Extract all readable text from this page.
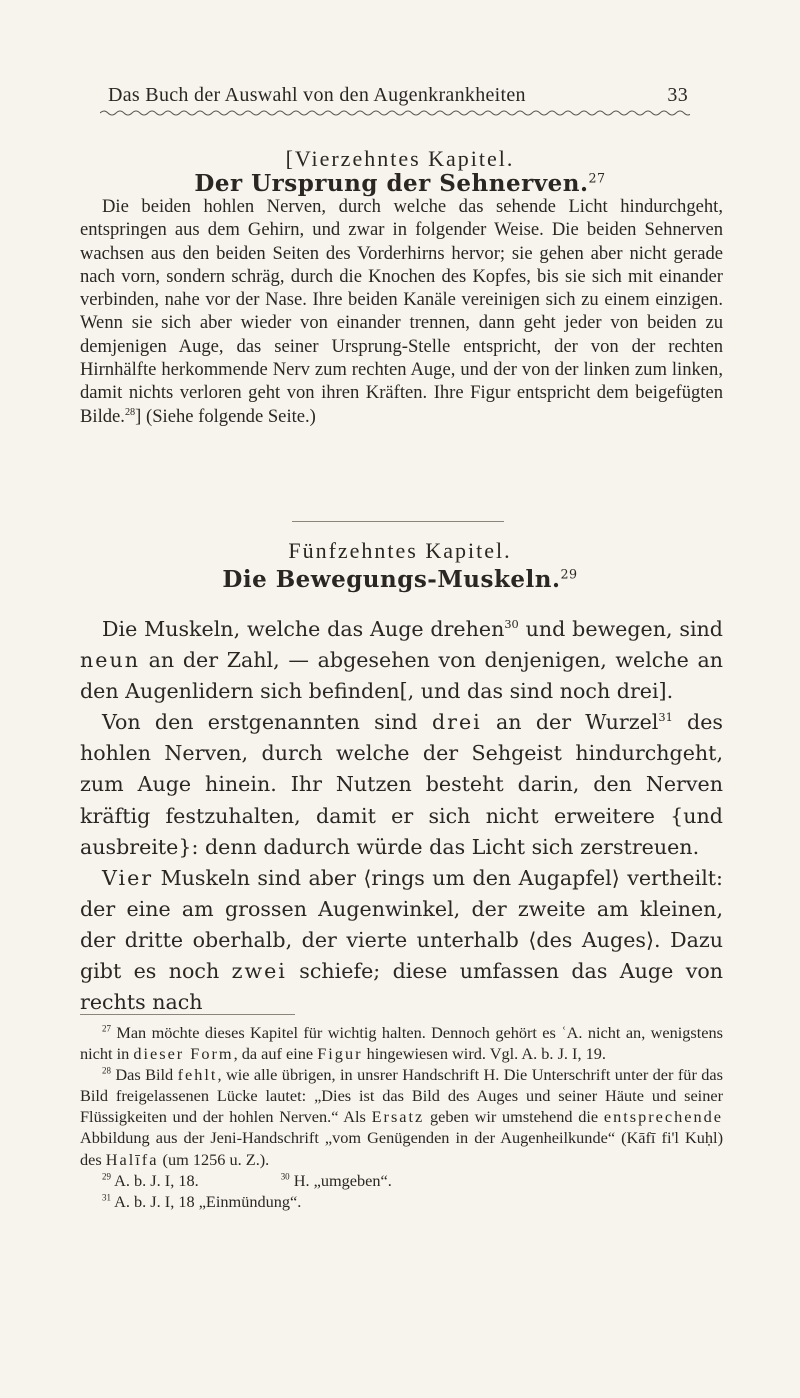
Das Buch der Auswahl von den Augenkrankheiten	33
[Vierzehntes Kapitel.
Der Ursprung der Sehnerven.$^{27}$
Die beiden hohlen Nerven, durch welche das sehende Licht hindurchgeht, entspringen aus dem Gehirn, und zwar in folgender Weise. Die beiden Sehnerven wachsen aus den beiden Seiten des Vorderhirns hervor; sie gehen aber nicht gerade nach vorn, sondern schräg, durch die Knochen des Kopfes, bis sie sich mit einander verbinden, nahe vor der Nase. Ihre beiden Kanäle vereinigen sich zu einem einzigen. Wenn sie sich aber wieder von einander trennen, dann geht jeder von beiden zu demjenigen Auge, das seiner Ursprung-Stelle entspricht, der von der rechten Hirnhälfte herkommende Nerv zum rechten Auge, und der von der linken zum linken, damit nichts verloren geht von ihren Kräften. Ihre Figur entspricht dem beigefügten Bilde.$^{28}$] (Siehe folgende Seite.)
Fünfzehntes Kapitel.
Die Bewegungs-Muskeln.$^{29}$
Die Muskeln, welche das Auge drehen$^{30}$ und bewegen, sind neun an der Zahl, — abgesehen von denjenigen, welche an den Augenlidern sich befinden[, und das sind noch drei].
Von den erstgenannten sind drei an der Wurzel$^{31}$ des hohlen Nerven, durch welche der Sehgeist hindurchgeht, zum Auge hinein. Ihr Nutzen besteht darin, den Nerven kräftig festzuhalten, damit er sich nicht erweitere {und ausbreite}: denn dadurch würde das Licht sich zerstreuen.
Vier Muskeln sind aber ⟨rings um den Augapfel⟩ vertheilt: der eine am grossen Augenwinkel, der zweite am kleinen, der dritte oberhalb, der vierte unterhalb ⟨des Auges⟩. Dazu gibt es noch zwei schiefe; diese umfassen das Auge von rechts nach
$^{27}$ Man möchte dieses Kapitel für wichtig halten. Dennoch gehört es ʿA. nicht an, wenigstens nicht in dieser Form, da auf eine Figur hingewiesen wird. Vgl. A. b. J. I, 19.
$^{28}$ Das Bild fehlt, wie alle übrigen, in unsrer Handschrift H. Die Unterschrift unter der für das Bild freigelassenen Lücke lautet: „Dies ist das Bild des Auges und seiner Häute und seiner Flüssigkeiten und der hohlen Nerven.“ Als Ersatz geben wir umstehend die entsprechende Abbildung aus der Jeni-Handschrift „vom Genügenden in der Augenheilkunde“ (Kāfī fi'l Kuḥl) des Halīfa (um 1256 u. Z.).
$^{29}$ A. b. J. I, 18.	$^{30}$ H. „umgeben“.
$^{31}$ A. b. J. I, 18 „Einmündung“.
